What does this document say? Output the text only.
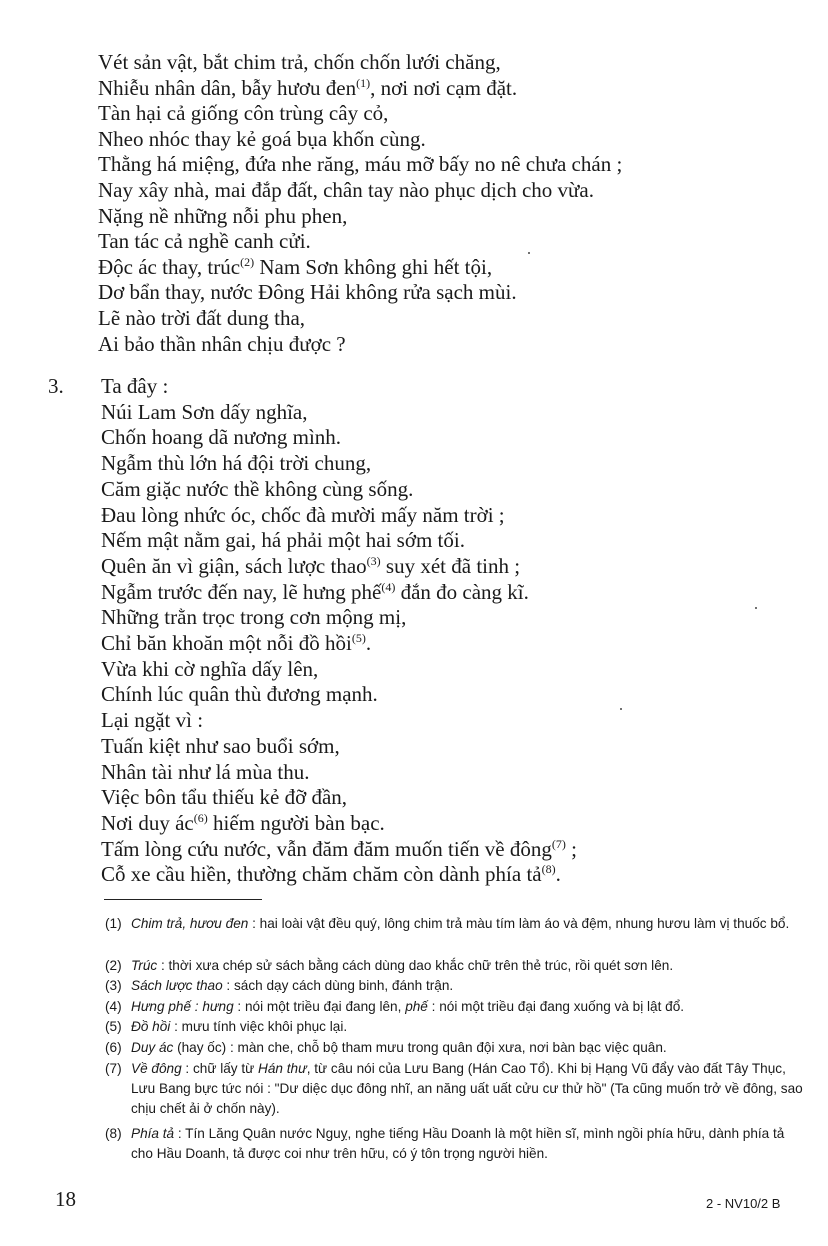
Vét sản vật, bắt chim trả, chốn chốn lưới chăng,
Nhiễu nhân dân, bẫy hươu đen$^{(1)}$, nơi nơi cạm đặt.
Tàn hại cả giống côn trùng cây cỏ,
Nheo nhóc thay kẻ goá bụa khốn cùng.
Thằng há miệng, đứa nhe răng, máu mỡ bấy no nê chưa chán ;
Nay xây nhà, mai đắp đất, chân tay nào phục dịch cho vừa.
Nặng nề những nỗi phu phen,
Tan tác cả nghề canh cửi.
Độc ác thay, trúc$^{(2)}$ Nam Sơn không ghi hết tội,
Dơ bẩn thay, nước Đông Hải không rửa sạch mùi.
Lẽ nào trời đất dung tha,
Ai bảo thần nhân chịu được ?
3. Ta đây :
Núi Lam Sơn dấy nghĩa,
Chốn hoang dã nương mình.
Ngẫm thù lớn há đội trời chung,
Căm giặc nước thề không cùng sống.
Đau lòng nhức óc, chốc đà mười mấy năm trời ;
Nếm mật nằm gai, há phải một hai sớm tối.
Quên ăn vì giận, sách lược thao$^{(3)}$ suy xét đã tinh ;
Ngẫm trước đến nay, lẽ hưng phế$^{(4)}$ đắn đo càng kĩ.
Những trằn trọc trong cơn mộng mị,
Chỉ băn khoăn một nỗi đồ hồi$^{(5)}$.
Vừa khi cờ nghĩa dấy lên,
Chính lúc quân thù đương mạnh.
Lại ngặt vì :
Tuấn kiệt như sao buổi sớm,
Nhân tài như lá mùa thu.
Việc bôn tẩu thiếu kẻ đỡ đần,
Nơi duy $ác^{(6)}$ hiếm người bàn bạc.
Tấm lòng cứu nước, vẫn đăm đăm muốn tiến về đông$^{(7)}$ ;
Cỗ xe cầu hiền, thường chăm chăm còn dành phía tả$^{(8)}$.
(1) Chim trả, hươu đen : hai loài vật đều quý, lông chim trả màu tím làm áo và đệm, nhung hươu làm vị thuốc bổ.
(2) Trúc : thời xưa chép sử sách bằng cách dùng dao khắc chữ trên thẻ trúc, rồi quét sơn lên.
(3) Sách lược thao : sách dạy cách dùng binh, đánh trận.
(4) Hưng phế : hưng : nói một triều đại đang lên, phế : nói một triều đại đang xuống và bị lật đổ.
(5) Đồ hồi : mưu tính việc khôi phục lại.
(6) Duy ác (hay ốc) : màn che, chỗ bộ tham mưu trong quân đội xưa, nơi bàn bạc việc quân.
(7) Về đông : chữ lấy từ Hán thư, từ câu nói của Lưu Bang (Hán Cao Tổ). Khi bị Hạng Vũ đẩy vào đất Tây Thục, Lưu Bang bực tức nói : "Dư diệc dục đông nhĩ, an năng uất uất cửu cư thử hồ" (Ta cũng muốn trở về đông, sao chịu chết ải ở chốn này).
(8) Phía tả : Tín Lăng Quân nước Nguỵ, nghe tiếng Hầu Doanh là một hiền sĩ, mình ngồi phía hữu, dành phía tả cho Hầu Doanh, tả được coi như trên hữu, có ý tôn trọng người hiền.
18	2 - NV10/2 B
